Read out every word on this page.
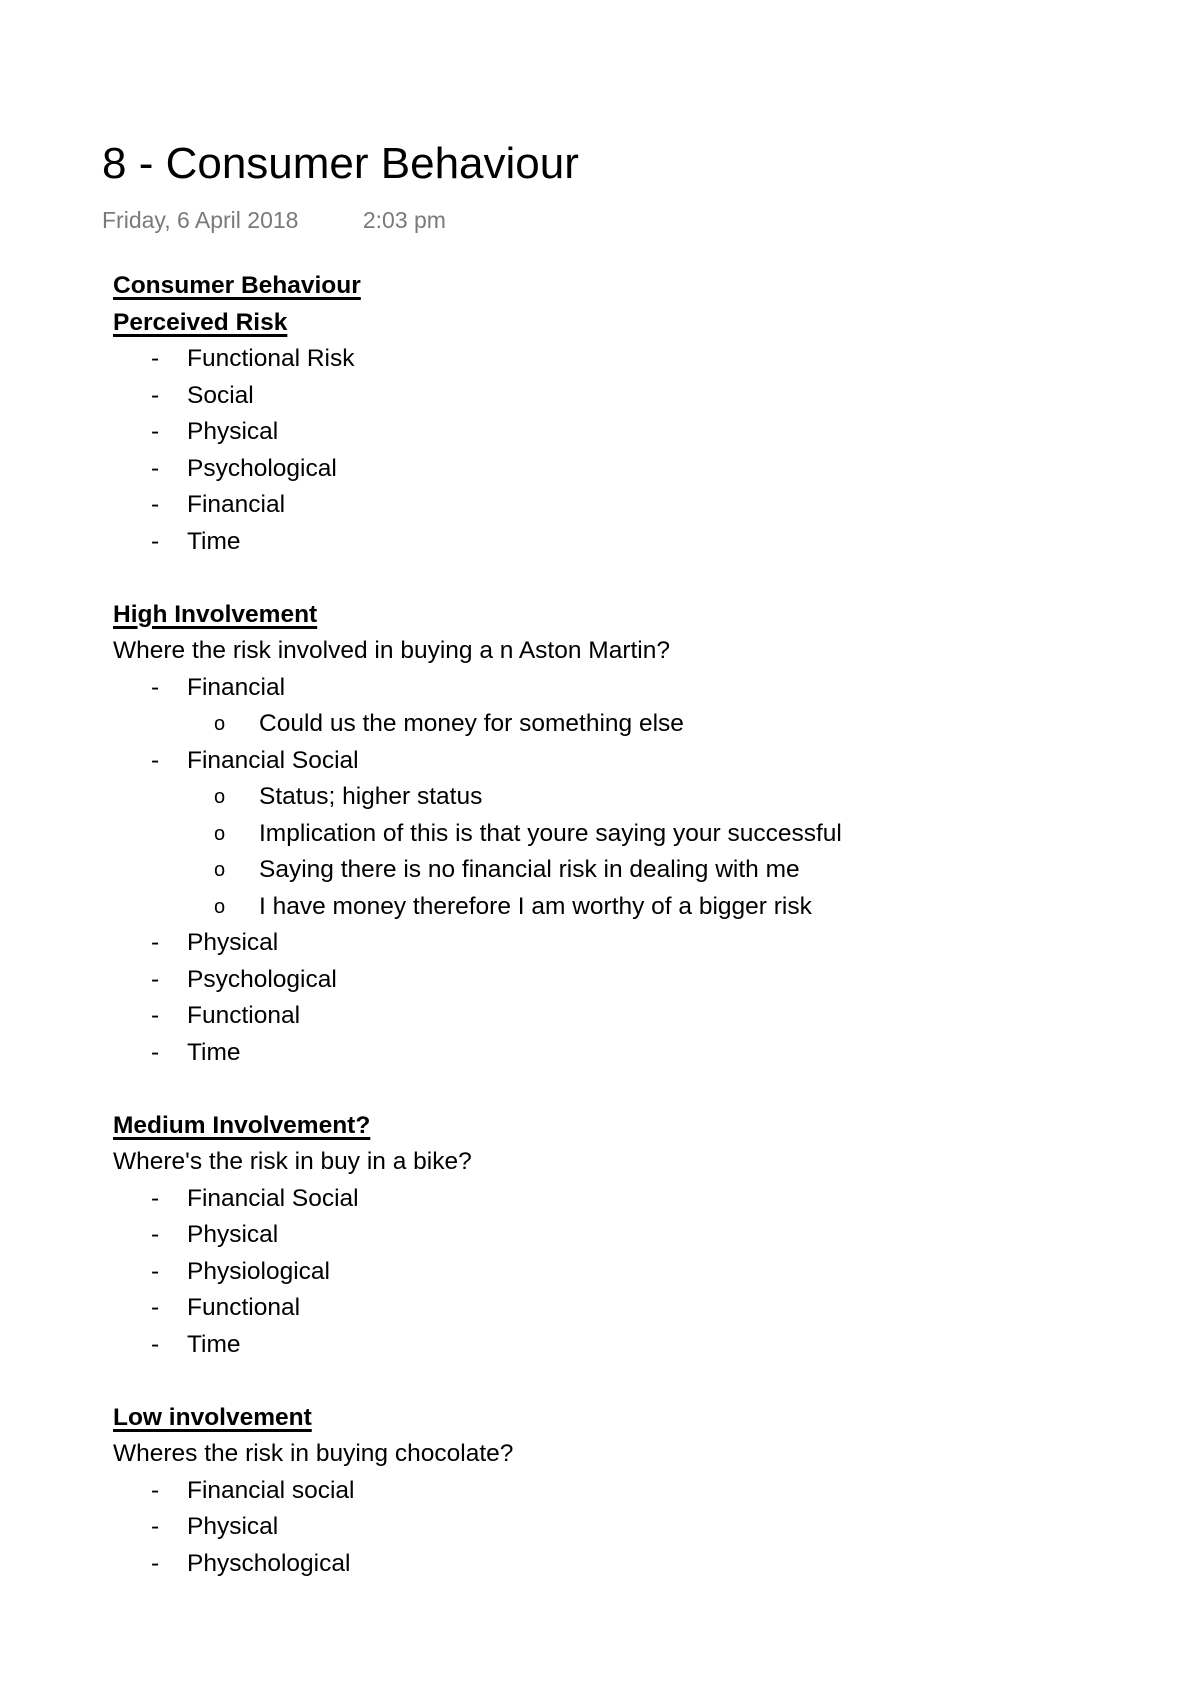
8 - Consumer Behaviour
Friday, 6 April 2018	2:03 pm
Consumer Behaviour
Perceived Risk
- Functional Risk
- Social
- Physical
- Psychological
- Financial
- Time
High Involvement
Where the risk involved in buying a n Aston Martin?
- Financial
o Could us the money for something else
- Financial Social
o Status; higher status
o Implication of this is that youre saying your successful
o Saying there is no financial risk in dealing with me
o I have money therefore I am worthy of a bigger risk
- Physical
- Psychological
- Functional
- Time
Medium Involvement?
Where's the risk in buy in a bike?
- Financial Social
- Physical
- Physiological
- Functional
- Time
Low involvement
Wheres the risk in buying chocolate?
- Financial social
- Physical
- Physchological
